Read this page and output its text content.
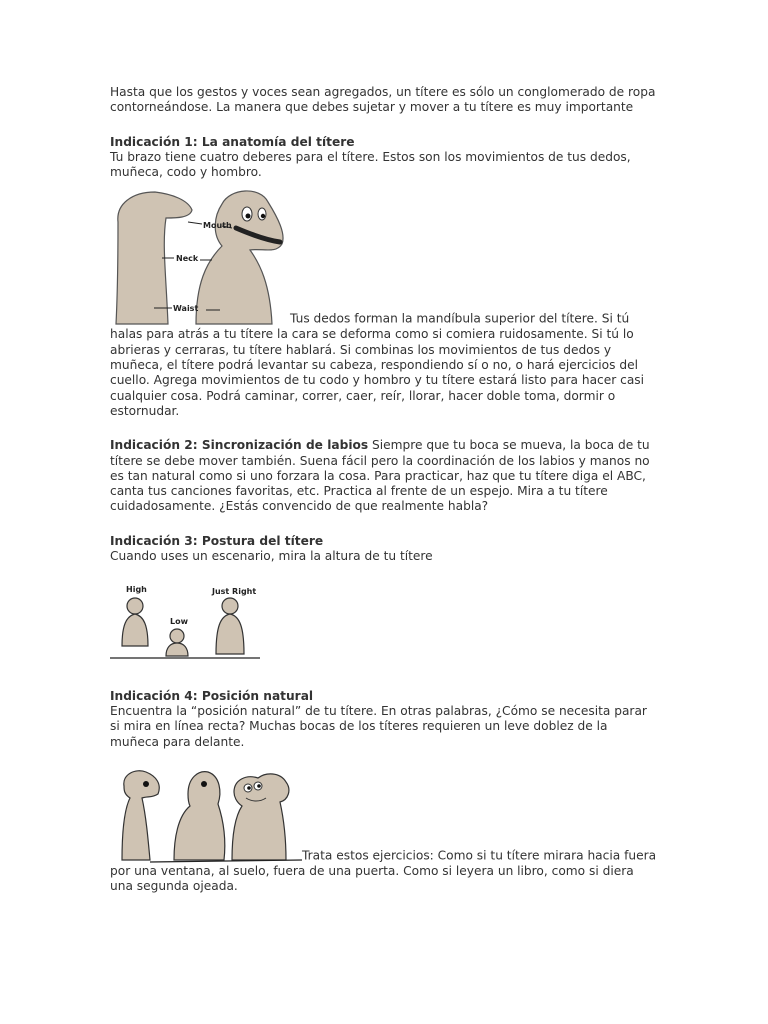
Hasta que los gestos y voces sean agregados, un títere es sólo un conglomerado de ropa contorneándose. La manera que debes sujetar y mover a tu títere es muy importante

Indicación 1: La anatomía del títere

Tu brazo tiene cuatro deberes para el títere. Estos son los movimientos de tus dedos, muñeca, codo y hombro.

Mouth
Neck
Waist
Tus dedos forman la mandíbula superior del títere. Si tú halas para atrás a tu títere la cara se deforma como si comiera ruidosamente. Si tú lo abrieras y cerraras, tu títere hablará. Si combinas los movimientos de tus dedos y muñeca, el títere podrá levantar su cabeza, respondiendo sí o no, o hará ejercicios del cuello. Agrega movimientos de tu codo y hombro y tu títere estará listo para hacer casi cualquier cosa. Podrá caminar, correr, caer, reír, llorar, hacer doble toma, dormir o estornudar.

Indicación 2: Sincronización de labios Siempre que tu boca se mueva, la boca de tu títere se debe mover también. Suena fácil pero la coordinación de los labios y manos no es tan natural como si uno forzara la cosa. Para practicar, haz que tu títere diga el ABC, canta tus canciones favoritas, etc. Practica al frente de un espejo. Mira a tu títere cuidadosamente. ¿Estás convencido de que realmente habla?

Indicación 3: Postura del títere

Cuando uses un escenario, mira la altura de tu títere

High
Low
Just Right
Indicación 4: Posición natural

Encuentra la “posición natural” de tu títere. En otras palabras, ¿Cómo se necesita parar si mira en línea recta? Muchas bocas de los títeres requieren un leve doblez de la muñeca para delante.

Trata estos ejercicios: Como si tu títere mirara hacia fuera por una ventana, al suelo, fuera de una puerta. Como si leyera un libro, como si diera una segunda ojeada.
